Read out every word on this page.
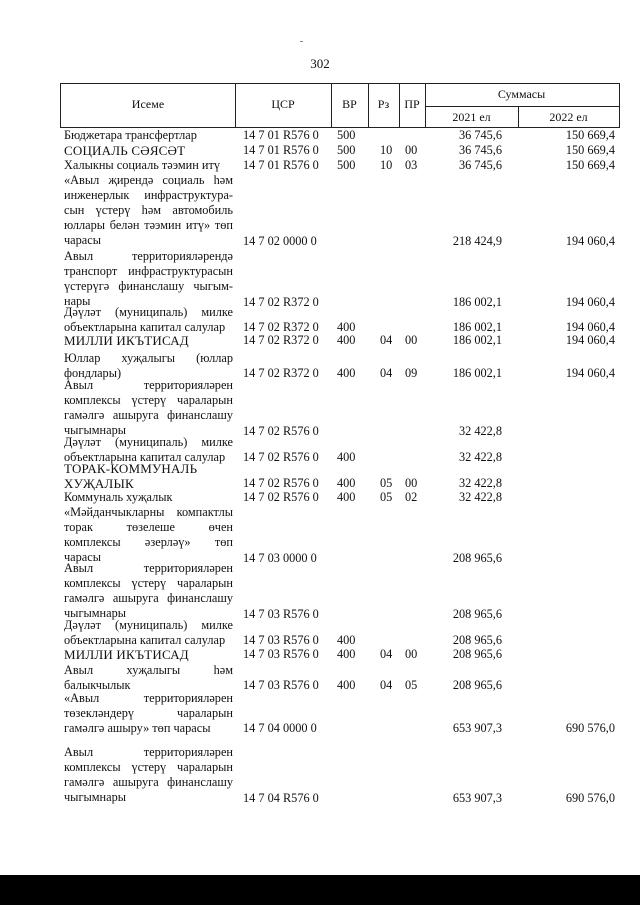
302
Исеме	ЦСР	ВР	Рз	ПР
Суммасы
2021 ел	2022 ел
Бюджетара трансфертлар	14 7 01 R576 0 500	36 745,6	150 669,4
СОЦИАЛЬ СӘЯСӘТ	14 7 01 R576 0 500 10 00	36 745,6	150 669,4
Халыкны социаль тәэмин итү	14 7 01 R576 0 500 10 03	36 745,6	150 669,4
«Авыл җирендә социаль һәм
инженерлык инфраструктура-
сын үстерү һәм автомобиль
юллары белән тәэмин итү» төп
чарасы	14 7 02 0000 0	218 424,9	194 060,4
Авыл территорияләрендә
транспорт инфраструктурасын
үстерүгә финанслашу чыгым-
нары	14 7 02 R372 0	186 002,1	194 060,4
Дәүләт (муниципаль) милке
объектларына капитал салулар	14 7 02 R372 0 400	186 002,1	194 060,4
МИЛЛИ ИКЪТИСАД	14 7 02 R372 0 400 04 00	186 002,1	194 060,4
Юллар хуҗалыгы (юллар
фондлары)	14 7 02 R372 0 400 04 09	186 002,1	194 060,4
Авыл территорияләрен
комплексы үстерү чараларын
гамәлгә ашыруга финанслашу
чыгымнары	14 7 02 R576 0	32 422,8
Дәүләт (муниципаль) милке
объектларына капитал салулар	14 7 02 R576 0 400	32 422,8
ТОРАК-КОММУНАЛЬ
ХУҖАЛЫК	14 7 02 R576 0 400 05 00	32 422,8
Коммуналь хуҗалык	14 7 02 R576 0 400 05 02	32 422,8
«Мәйданчыкларны компактлы
торак төзелеше өчен
комплексы әзерләү» төп
чарасы	14 7 03 0000 0	208 965,6
Авыл территорияләрен
комплексы үстерү чараларын
гамәлгә ашыруга финанслашу
чыгымнары	14 7 03 R576 0	208 965,6
Дәүләт (муниципаль) милке
объектларына капитал салулар	14 7 03 R576 0 400	208 965,6
МИЛЛИ ИКЪТИСАД	14 7 03 R576 0 400 04 00	208 965,6
Авыл хуҗалыгы һәм
балыкчылык	14 7 03 R576 0 400 04 05	208 965,6
«Авыл территорияләрен
төзекләндерү чараларын
гамәлгә ашыру» төп чарасы	14 7 04 0000 0	653 907,3	690 576,0
Авыл территорияләрен
комплексы үстерү чараларын
гамәлгә ашыруга финанслашу
чыгымнары	14 7 04 R576 0	653 907,3	690 576,0
